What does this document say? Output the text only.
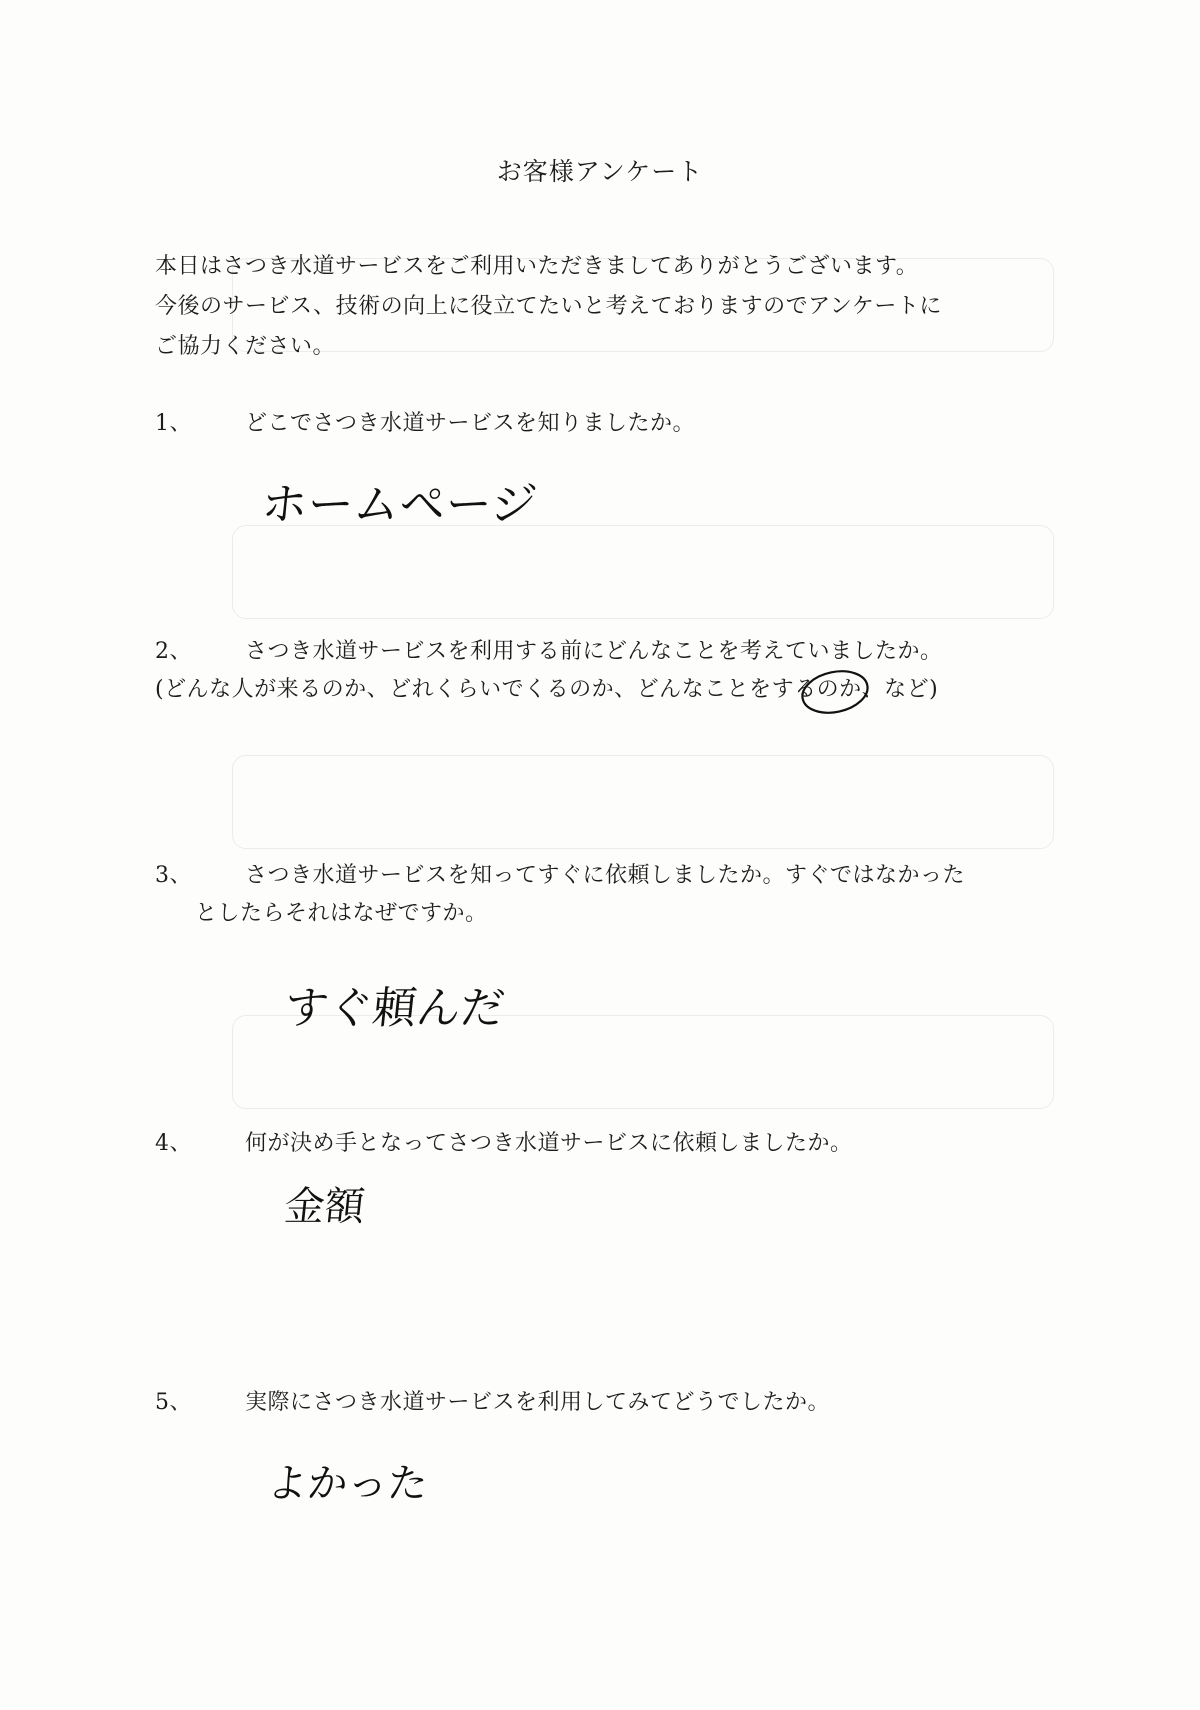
お客様アンケート
本日はさつき水道サービスをご利用いただきましてありがとうございます。
今後のサービス、技術の向上に役立てたいと考えておりますのでアンケートに
ご協力ください。
1、 どこでさつき水道サービスを知りましたか。
ホームページ
2、 さつき水道サービスを利用する前にどんなことを考えていましたか。
(どんな人が来るのか、どれくらいでくるのか、どんなことをするのか、など)
3、 さつき水道サービスを知ってすぐに依頼しましたか。すぐではなかった
としたらそれはなぜですか。
すぐ頼んだ
4、 何が決め手となってさつき水道サービスに依頼しましたか。
金額
5、 実際にさつき水道サービスを利用してみてどうでしたか。
よかった
